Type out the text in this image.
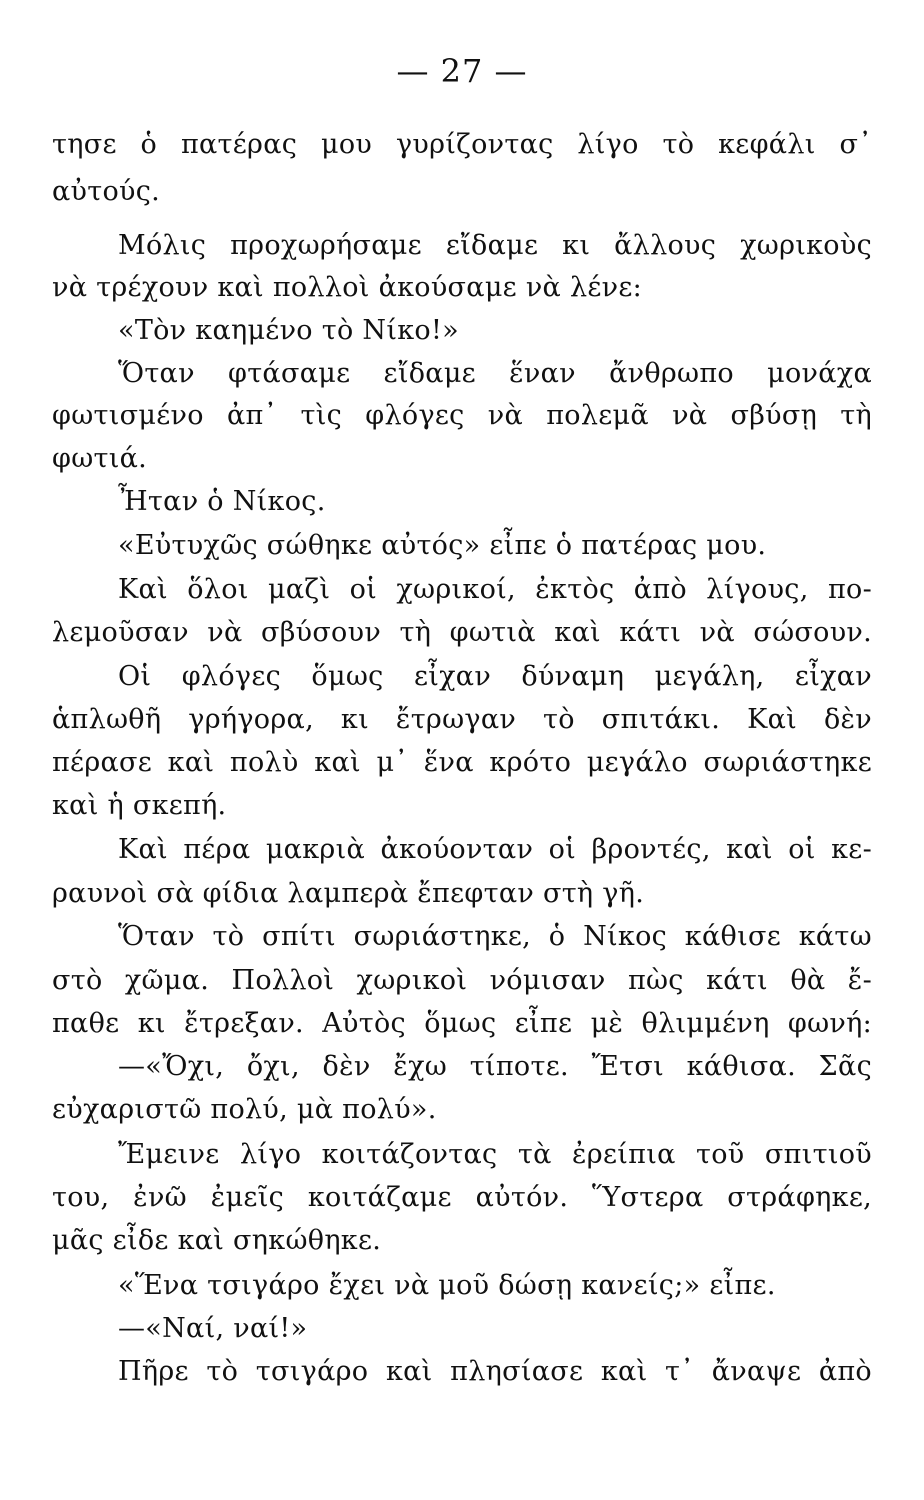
— 27 —
τησε ὁ πατέρας μου γυρίζοντας λίγο τὸ κεφάλι σ᾽
αὐτούς.
Μόλις προχωρήσαμε εἴδαμε κι ἄλλους χωρικοὺς
νὰ τρέχουν καὶ πολλοὶ ἀκούσαμε νὰ λένε:
«Τὸν καημένο τὸ Νίκο!»
Ὅταν φτάσαμε εἴδαμε ἕναν ἄνθρωπο μονάχα
φωτισμένο ἀπ᾽ τὶς φλόγες νὰ πολεμᾶ νὰ σβύσῃ τὴ
φωτιά.
Ἦταν ὁ Νίκος.
«Εὐτυχῶς σώθηκε αὐτός» εἶπε ὁ πατέρας μου.
Καὶ ὅλοι μαζὶ οἱ χωρικοί, ἐκτὸς ἀπὸ λίγους, πο-
λεμοῦσαν νὰ σβύσουν τὴ φωτιὰ καὶ κάτι νὰ σώσουν.
Οἱ φλόγες ὅμως εἶχαν δύναμη μεγάλη, εἶχαν
ἁπλωθῆ γρήγορα, κι ἔτρωγαν τὸ σπιτάκι. Καὶ δὲν
πέρασε καὶ πολὺ καὶ μ᾽ ἕνα κρότο μεγάλο σωριάστηκε
καὶ ἡ σκεπή.
Καὶ πέρα μακριὰ ἀκούονταν οἱ βροντές, καὶ οἱ κε-
ραυνοὶ σὰ φίδια λαμπερὰ ἔπεφταν στὴ γῆ.
Ὅταν τὸ σπίτι σωριάστηκε, ὁ Νίκος κάθισε κάτω
στὸ χῶμα. Πολλοὶ χωρικοὶ νόμισαν πὼς κάτι θὰ ἔ-
παθε κι ἔτρεξαν. Αὐτὸς ὅμως εἶπε μὲ θλιμμένη φωνή:
—«Ὄχι, ὄχι, δὲν ἔχω τίποτε. Ἔτσι κάθισα. Σᾶς
εὐχαριστῶ πολύ, μὰ πολύ».
Ἔμεινε λίγο κοιτάζοντας τὰ ἐρείπια τοῦ σπιτιοῦ
του, ἐνῶ ἐμεῖς κοιτάζαμε αὐτόν. Ὕστερα στράφηκε,
μᾶς εἶδε καὶ σηκώθηκε.
«Ἕνα τσιγάρο ἔχει νὰ μοῦ δώσῃ κανείς;» εἶπε.
—«Ναί, ναί!»
Πῆρε τὸ τσιγάρο καὶ πλησίασε καὶ τ᾽ ἄναψε ἀπὸ
